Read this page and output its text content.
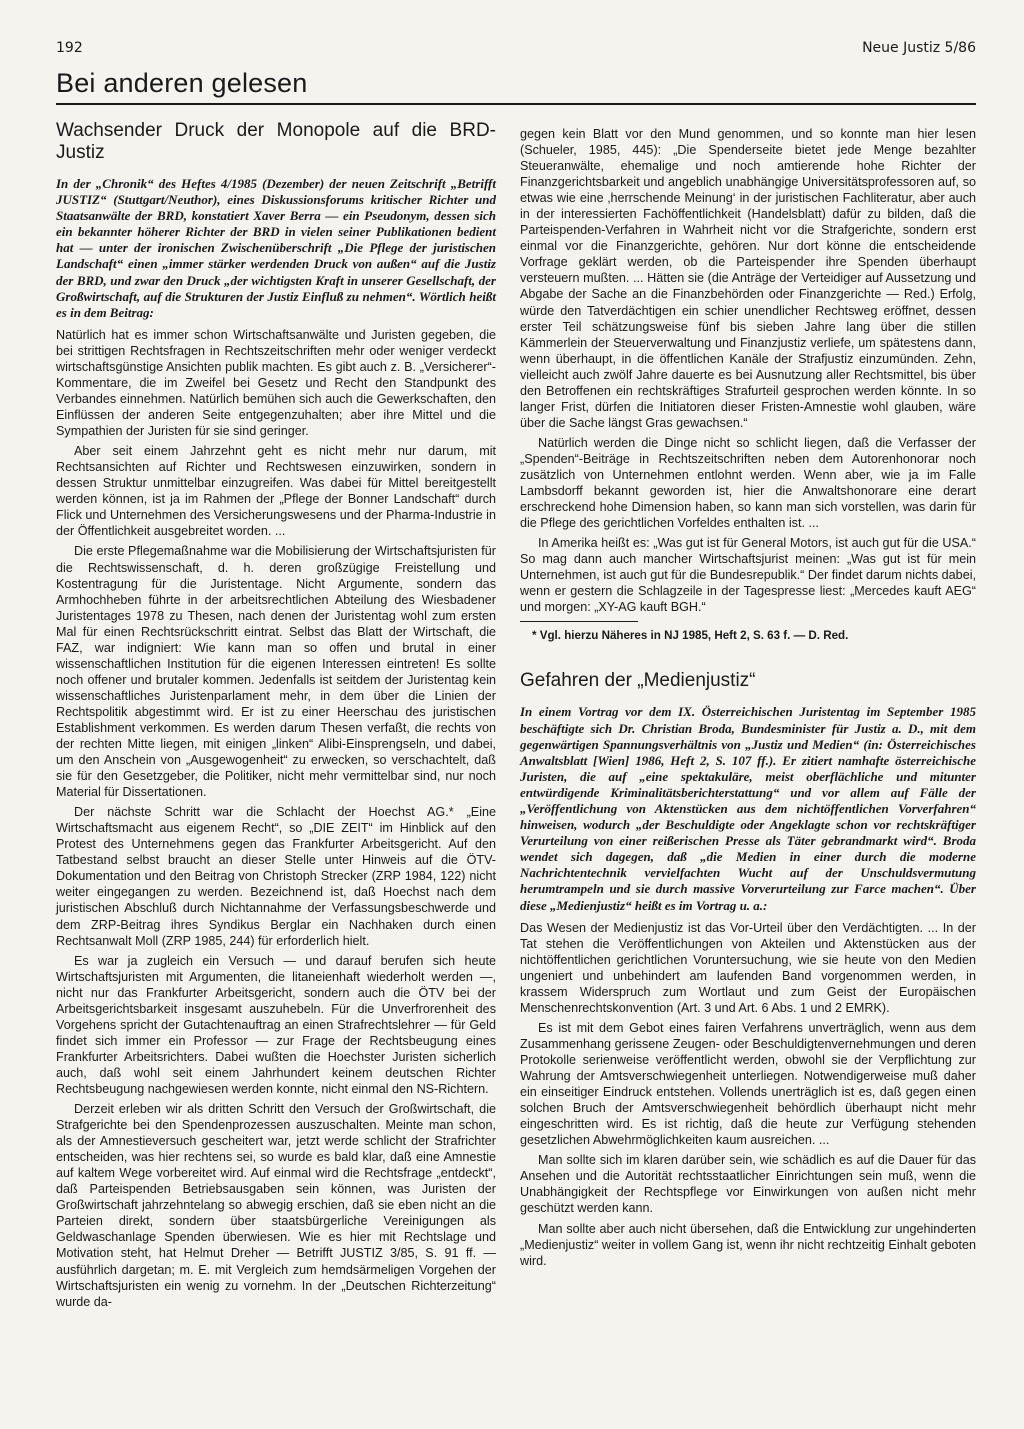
192	Neue Justiz 5/86
Bei anderen gelesen
Wachsender Druck der Monopole auf die BRD-Justiz

In der „Chronik“ des Heftes 4/1985 (Dezember) der neuen Zeitschrift „Betrifft JUSTIZ“ (Stuttgart/Neuthor), eines Diskussionsforums kritischer Richter und Staatsanwälte der BRD, konstatiert Xaver Berra — ein Pseudonym, dessen sich ein bekannter höherer Richter der BRD in vielen seiner Publikationen bedient hat — unter der ironischen Zwischenüberschrift „Die Pflege der juristischen Landschaft“ einen „immer stärker werdenden Druck von außen“ auf die Justiz der BRD, und zwar den Druck „der wichtigsten Kraft in unserer Gesellschaft, der Großwirtschaft, auf die Strukturen der Justiz Einfluß zu nehmen“. Wörtlich heißt es in dem Beitrag:

Natürlich hat es immer schon Wirtschaftsanwälte und Juristen gegeben, die bei strittigen Rechtsfragen in Rechtszeitschriften mehr oder weniger verdeckt wirtschaftsgünstige Ansichten publik machten. Es gibt auch z. B. „Versicherer“-Kommentare, die im Zweifel bei Gesetz und Recht den Standpunkt des Verbandes einnehmen. Natürlich bemühen sich auch die Gewerkschaften, den Einflüssen der anderen Seite entgegenzuhalten; aber ihre Mittel und die Sympathien der Juristen für sie sind geringer.

Aber seit einem Jahrzehnt geht es nicht mehr nur darum, mit Rechtsansichten auf Richter und Rechtswesen einzuwirken, sondern in dessen Struktur unmittelbar einzugreifen. Was dabei für Mittel bereitgestellt werden können, ist ja im Rahmen der „Pflege der Bonner Landschaft“ durch Flick und Unternehmen des Versicherungswesens und der Pharma-Industrie in der Öffentlichkeit ausgebreitet worden. ...

Die erste Pflegemaßnahme war die Mobilisierung der Wirtschaftsjuristen für die Rechtswissenschaft, d. h. deren großzügige Freistellung und Kostentragung für die Juristentage. Nicht Argumente, sondern das Armhochheben führte in der arbeitsrechtlichen Abteilung des Wiesbadener Juristentages 1978 zu Thesen, nach denen der Juristentag wohl zum ersten Mal für einen Rechtsrückschritt eintrat. Selbst das Blatt der Wirtschaft, die FAZ, war indigniert: Wie kann man so offen und brutal in einer wissenschaftlichen Institution für die eigenen Interessen eintreten! Es sollte noch offener und brutaler kommen. Jedenfalls ist seitdem der Juristentag kein wissenschaftliches Juristenparlament mehr, in dem über die Linien der Rechtspolitik abgestimmt wird. Er ist zu einer Heerschau des juristischen Establishment verkommen. Es werden darum Thesen verfaßt, die rechts von der rechten Mitte liegen, mit einigen „linken“ Alibi-Einsprengseln, und dabei, um den Anschein von „Ausgewogenheit“ zu erwecken, so verschachtelt, daß sie für den Gesetzgeber, die Politiker, nicht mehr vermittelbar sind, nur noch Material für Dissertationen.

Der nächste Schritt war die Schlacht der Hoechst AG.* „Eine Wirtschaftsmacht aus eigenem Recht“, so „DIE ZEIT“ im Hinblick auf den Protest des Unternehmens gegen das Frankfurter Arbeitsgericht. Auf den Tatbestand selbst braucht an dieser Stelle unter Hinweis auf die ÖTV-Dokumentation und den Beitrag von Christoph Strecker (ZRP 1984, 122) nicht weiter eingegangen zu werden. Bezeichnend ist, daß Hoechst nach dem juristischen Abschluß durch Nichtannahme der Verfassungsbeschwerde und dem ZRP-Beitrag ihres Syndikus Berglar ein Nachhaken durch einen Rechtsanwalt Moll (ZRP 1985, 244) für erforderlich hielt.

Es war ja zugleich ein Versuch — und darauf berufen sich heute Wirtschaftsjuristen mit Argumenten, die litaneienhaft wiederholt werden —, nicht nur das Frankfurter Arbeitsgericht, sondern auch die ÖTV bei der Arbeitsgerichtsbarkeit insgesamt auszuhebeln. Für die Unverfrorenheit des Vorgehens spricht der Gutachtenauftrag an einen Strafrechtslehrer — für Geld findet sich immer ein Professor — zur Frage der Rechtsbeugung eines Frankfurter Arbeitsrichters. Dabei wußten die Hoechster Juristen sicherlich auch, daß wohl seit einem Jahrhundert keinem deutschen Richter Rechtsbeugung nachgewiesen werden konnte, nicht einmal den NS-Richtern.

Derzeit erleben wir als dritten Schritt den Versuch der Großwirtschaft, die Strafgerichte bei den Spendenprozessen auszuschalten. Meinte man schon, als der Amnestieversuch gescheitert war, jetzt werde schlicht der Strafrichter entscheiden, was hier rechtens sei, so wurde es bald klar, daß eine Amnestie auf kaltem Wege vorbereitet wird. Auf einmal wird die Rechtsfrage „entdeckt“, daß Parteispenden Betriebsausgaben sein können, was Juristen der Großwirtschaft jahrzehntelang so abwegig erschien, daß sie eben nicht an die Parteien direkt, sondern über staatsbürgerliche Vereinigungen als Geldwaschanlage Spenden überwiesen. Wie es hier mit Rechtslage und Motivation steht, hat Helmut Dreher — Betrifft JUSTIZ 3/85, S. 91 ff. — ausführlich dargetan; m. E. mit Vergleich zum hemdsärmeligen Vorgehen der Wirtschaftsjuristen ein wenig zu vornehm. In der „Deutschen Richterzeitung“ wurde da-

gegen kein Blatt vor den Mund genommen, und so konnte man hier lesen (Schueler, 1985, 445): „Die Spenderseite bietet jede Menge bezahlter Steueranwälte, ehemalige und noch amtierende hohe Richter der Finanzgerichtsbarkeit und angeblich unabhängige Universitätsprofessoren auf, so etwas wie eine ‚herrschende Meinung‘ in der juristischen Fachliteratur, aber auch in der interessierten Fachöffentlichkeit (Handelsblatt) dafür zu bilden, daß die Parteispenden-Verfahren in Wahrheit nicht vor die Strafgerichte, sondern erst einmal vor die Finanzgerichte, gehören. Nur dort könne die entscheidende Vorfrage geklärt werden, ob die Parteispender ihre Spenden überhaupt versteuern mußten. ... Hätten sie (die Anträge der Verteidiger auf Aussetzung und Abgabe der Sache an die Finanzbehörden oder Finanzgerichte — Red.) Erfolg, würde den Tatverdächtigen ein schier unendlicher Rechtsweg eröffnet, dessen erster Teil schätzungsweise fünf bis sieben Jahre lang über die stillen Kämmerlein der Steuerverwaltung und Finanzjustiz verliefe, um spätestens dann, wenn überhaupt, in die öffentlichen Kanäle der Strafjustiz einzumünden. Zehn, vielleicht auch zwölf Jahre dauerte es bei Ausnutzung aller Rechtsmittel, bis über den Betroffenen ein rechtskräftiges Strafurteil gesprochen werden könnte. In so langer Frist, dürfen die Initiatoren dieser Fristen-Amnestie wohl glauben, wäre über die Sache längst Gras gewachsen.“

Natürlich werden die Dinge nicht so schlicht liegen, daß die Verfasser der „Spenden“-Beiträge in Rechtszeitschriften neben dem Autorenhonorar noch zusätzlich von Unternehmen entlohnt werden. Wenn aber, wie ja im Falle Lambsdorff bekannt geworden ist, hier die Anwaltshonorare eine derart erschreckend hohe Dimension haben, so kann man sich vorstellen, was darin für die Pflege des gerichtlichen Vorfeldes enthalten ist. ...

In Amerika heißt es: „Was gut ist für General Motors, ist auch gut für die USA.“ So mag dann auch mancher Wirtschaftsjurist meinen: „Was gut ist für mein Unternehmen, ist auch gut für die Bundesrepublik.“ Der findet darum nichts dabei, wenn er gestern die Schlagzeile in der Tagespresse liest: „Mercedes kauft AEG“ und morgen: „XY-AG kauft BGH.“

* Vgl. hierzu Näheres in NJ 1985, Heft 2, S. 63 f. — D. Red.

Gefahren der „Medienjustiz“

In einem Vortrag vor dem IX. Österreichischen Juristentag im September 1985 beschäftigte sich Dr. Christian Broda, Bundesminister für Justiz a. D., mit dem gegenwärtigen Spannungsverhältnis von „Justiz und Medien“ (in: Österreichisches Anwaltsblatt [Wien] 1986, Heft 2, S. 107 ff.). Er zitiert namhafte österreichische Juristen, die auf „eine spektakuläre, meist oberflächliche und mitunter entwürdigende Kriminalitätsberichterstattung“ und vor allem auf Fälle der „Veröffentlichung von Aktenstücken aus dem nichtöffentlichen Vorverfahren“ hinweisen, wodurch „der Beschuldigte oder Angeklagte schon vor rechtskräftiger Verurteilung von einer reißerischen Presse als Täter gebrandmarkt wird“. Broda wendet sich dagegen, daß „die Medien in einer durch die moderne Nachrichtentechnik vervielfachten Wucht auf der Unschuldsvermutung herumtrampeln und sie durch massive Vorverurteilung zur Farce machen“. Über diese „Medienjustiz“ heißt es im Vortrag u. a.:

Das Wesen der Medienjustiz ist das Vor-Urteil über den Verdächtigten. ... In der Tat stehen die Veröffentlichungen von Akteilen und Aktenstücken aus der nichtöffentlichen gerichtlichen Voruntersuchung, wie sie heute von den Medien ungeniert und unbehindert am laufenden Band vorgenommen werden, in krassem Widerspruch zum Wortlaut und zum Geist der Europäischen Menschenrechtskonvention (Art. 3 und Art. 6 Abs. 1 und 2 EMRK).

Es ist mit dem Gebot eines fairen Verfahrens unverträglich, wenn aus dem Zusammenhang gerissene Zeugen- oder Beschuldigtenvernehmungen und deren Protokolle serienweise veröffentlicht werden, obwohl sie der Verpflichtung zur Wahrung der Amtsverschwiegenheit unterliegen. Notwendigerweise muß daher ein einseitiger Eindruck entstehen. Vollends unerträglich ist es, daß gegen einen solchen Bruch der Amtsverschwiegenheit behördlich überhaupt nicht mehr eingeschritten wird. Es ist richtig, daß die heute zur Verfügung stehenden gesetzlichen Abwehrmöglichkeiten kaum ausreichen. ...

Man sollte sich im klaren darüber sein, wie schädlich es auf die Dauer für das Ansehen und die Autorität rechtsstaatlicher Einrichtungen sein muß, wenn die Unabhängigkeit der Rechtspflege vor Einwirkungen von außen nicht mehr geschützt werden kann.

Man sollte aber auch nicht übersehen, daß die Entwicklung zur ungehinderten „Medienjustiz“ weiter in vollem Gang ist, wenn ihr nicht rechtzeitig Einhalt geboten wird.
